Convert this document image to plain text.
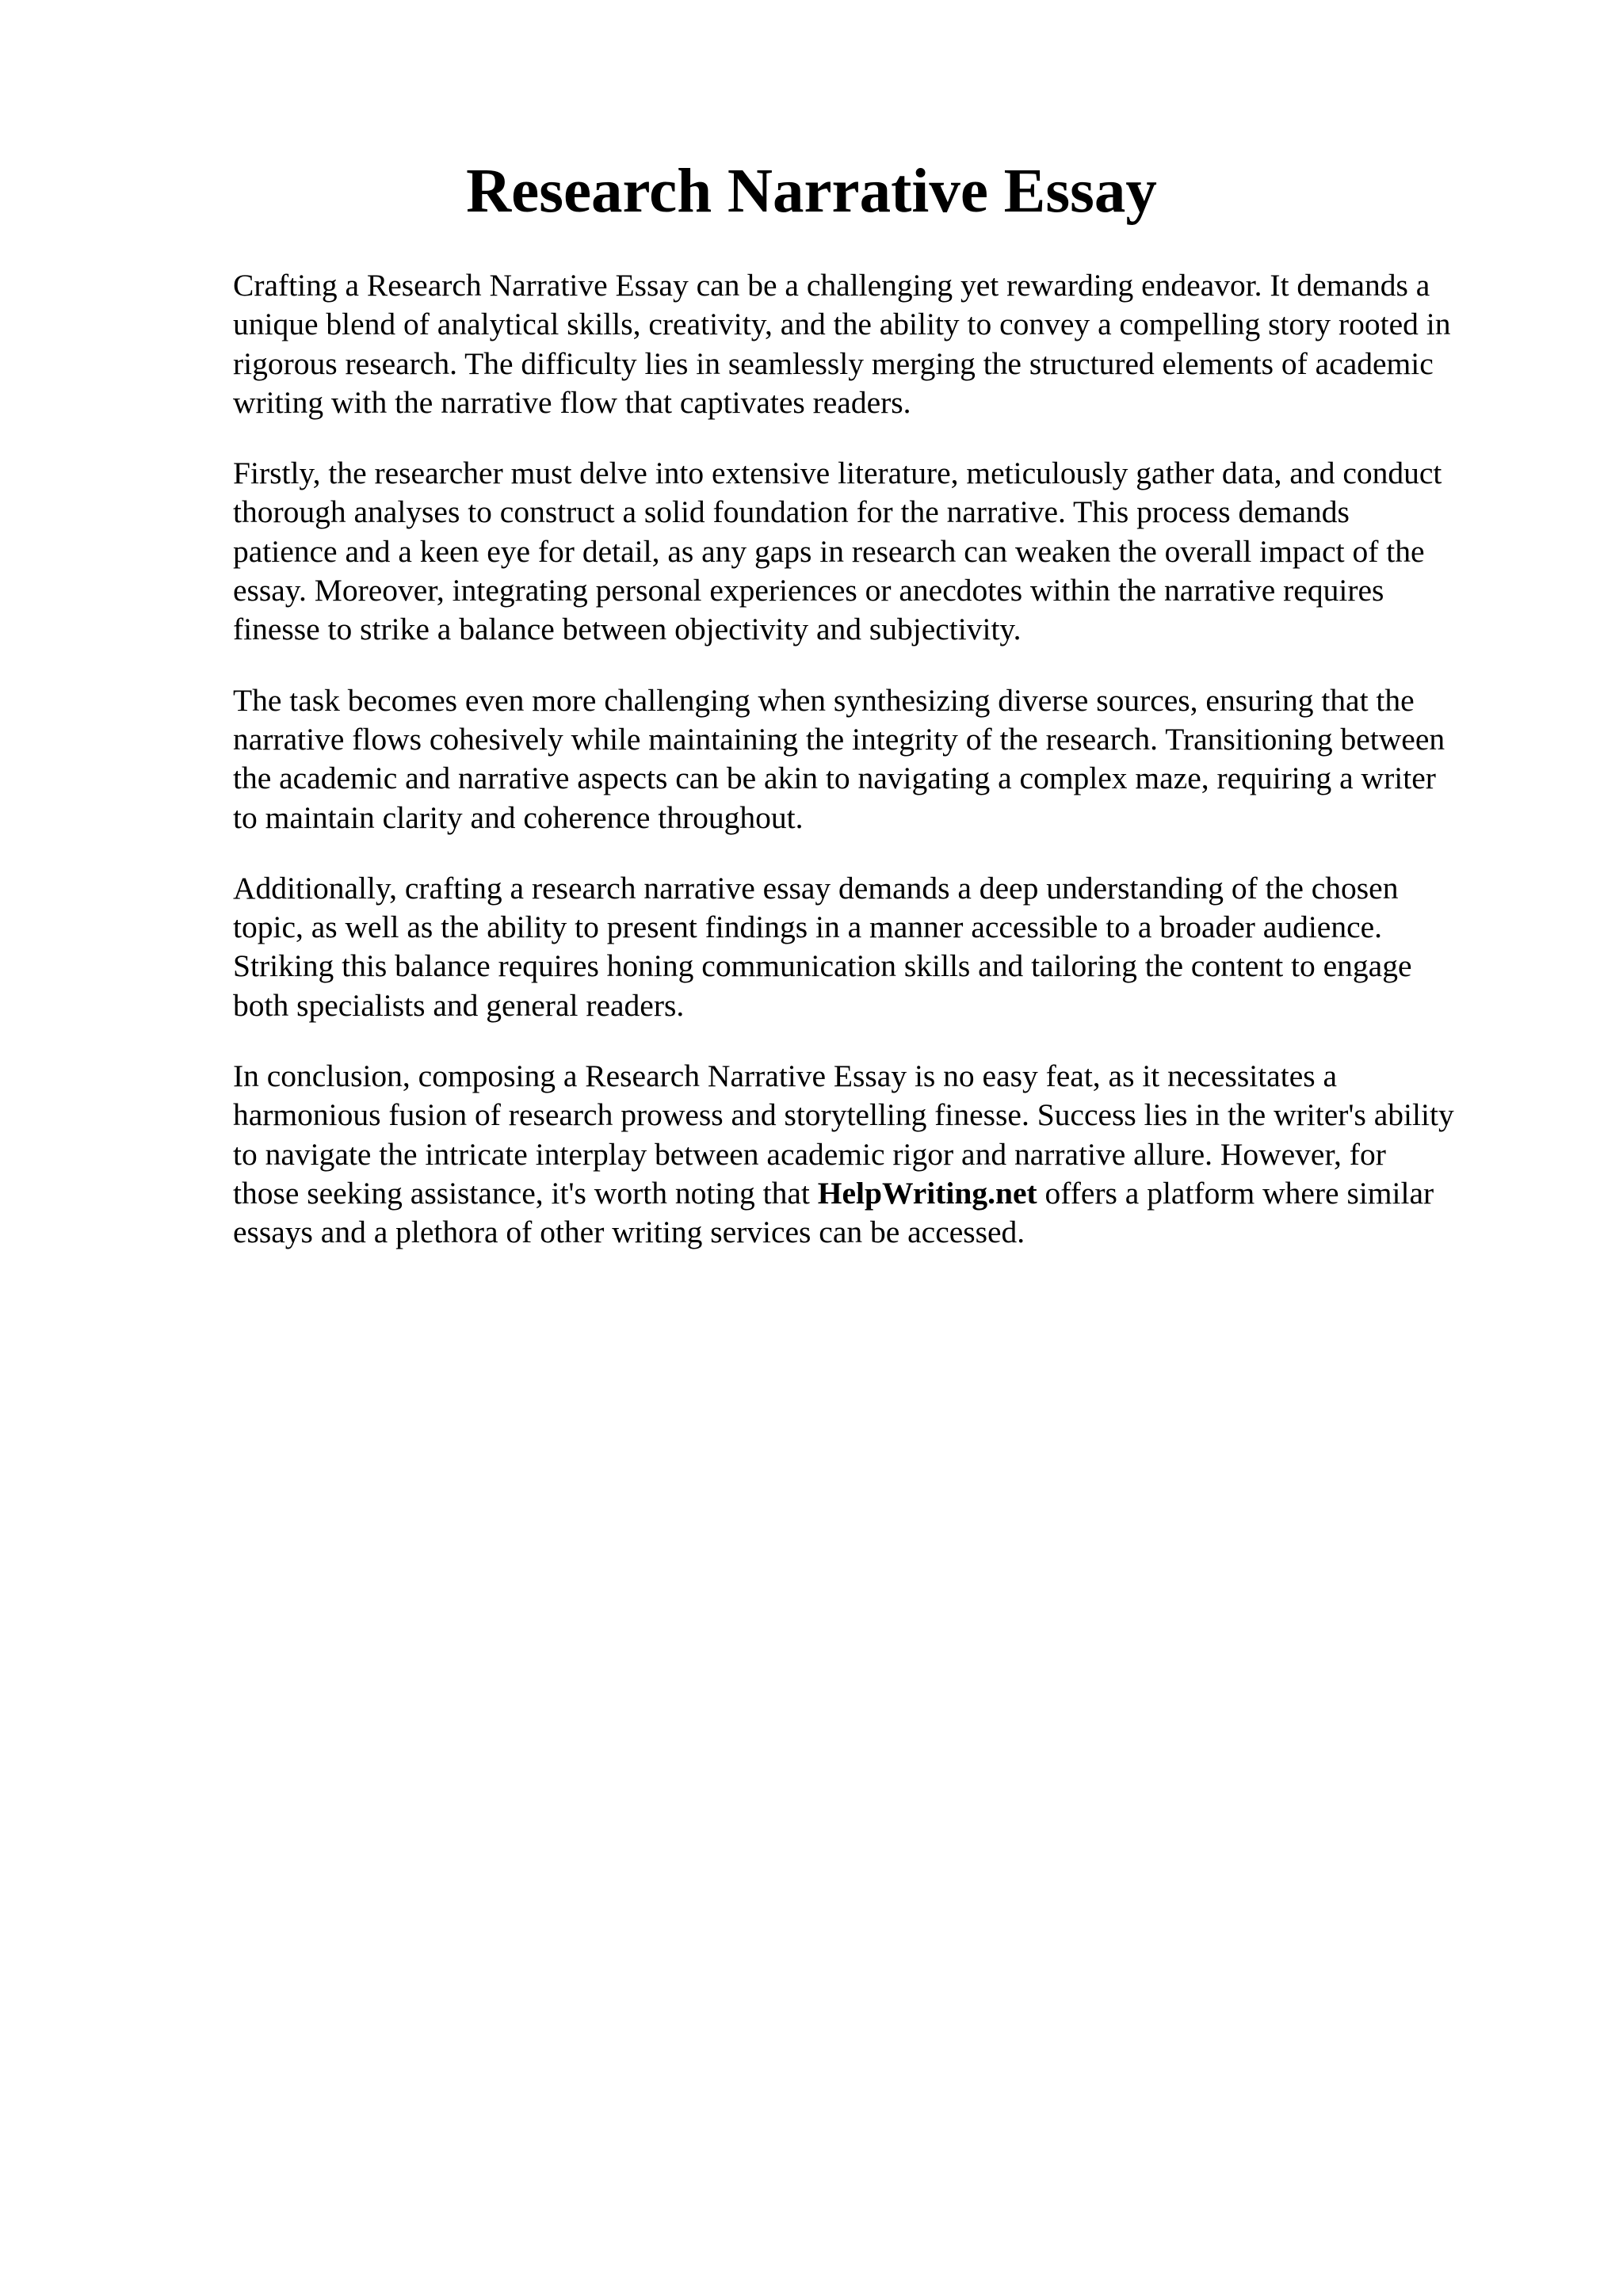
Research Narrative Essay

Crafting a Research Narrative Essay can be a challenging yet rewarding endeavor. It demands a
unique blend of analytical skills, creativity, and the ability to convey a compelling story rooted in
rigorous research. The difficulty lies in seamlessly merging the structured elements of academic
writing with the narrative flow that captivates readers.

Firstly, the researcher must delve into extensive literature, meticulously gather data, and conduct
thorough analyses to construct a solid foundation for the narrative. This process demands
patience and a keen eye for detail, as any gaps in research can weaken the overall impact of the
essay. Moreover, integrating personal experiences or anecdotes within the narrative requires
finesse to strike a balance between objectivity and subjectivity.

The task becomes even more challenging when synthesizing diverse sources, ensuring that the
narrative flows cohesively while maintaining the integrity of the research. Transitioning between
the academic and narrative aspects can be akin to navigating a complex maze, requiring a writer
to maintain clarity and coherence throughout.

Additionally, crafting a research narrative essay demands a deep understanding of the chosen
topic, as well as the ability to present findings in a manner accessible to a broader audience.
Striking this balance requires honing communication skills and tailoring the content to engage
both specialists and general readers.

In conclusion, composing a Research Narrative Essay is no easy feat, as it necessitates a
harmonious fusion of research prowess and storytelling finesse. Success lies in the writer's ability
to navigate the intricate interplay between academic rigor and narrative allure. However, for
those seeking assistance, it's worth noting that HelpWriting.net offers a platform where similar
essays and a plethora of other writing services can be accessed.
